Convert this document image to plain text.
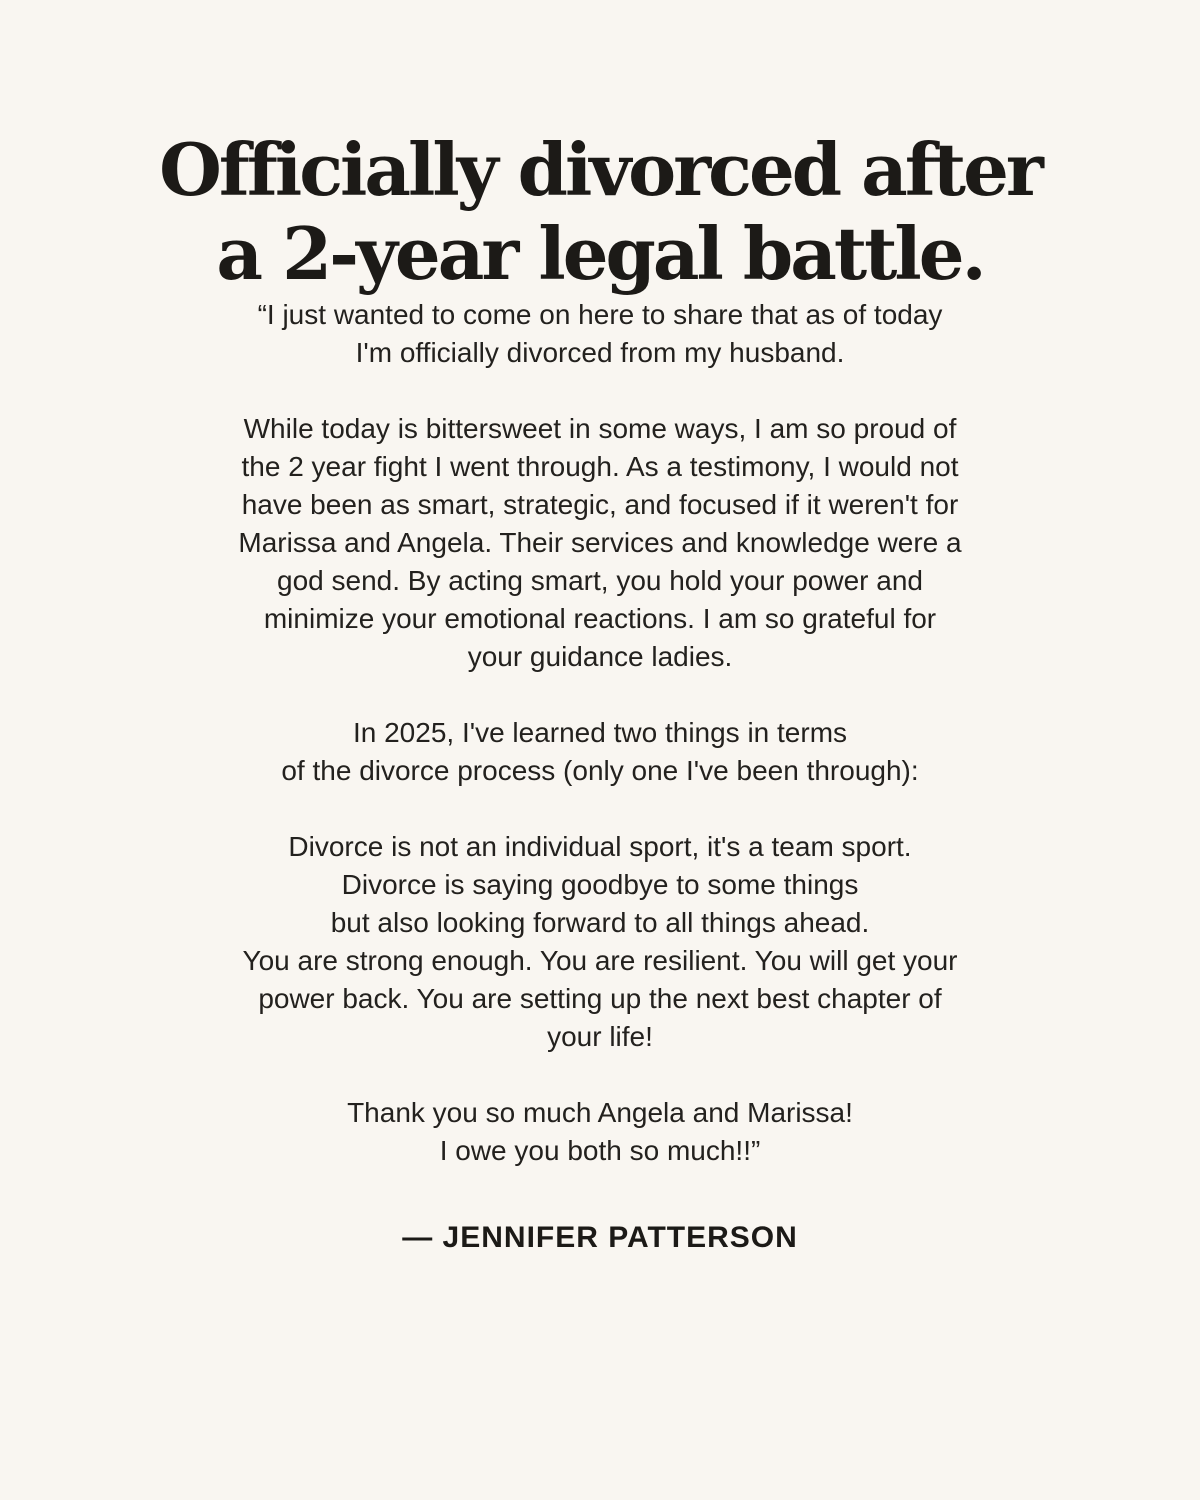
Officially divorced after
a 2-year legal battle.

“I just wanted to come on here to share that as of today
I'm officially divorced from my husband.

While today is bittersweet in some ways, I am so proud of
the 2 year fight I went through. As a testimony, I would not
have been as smart, strategic, and focused if it weren't for
Marissa and Angela. Their services and knowledge were a
god send. By acting smart, you hold your power and
minimize your emotional reactions. I am so grateful for
your guidance ladies.

In 2025, I've learned two things in terms
of the divorce process (only one I've been through):

Divorce is not an individual sport, it's a team sport.
Divorce is saying goodbye to some things
but also looking forward to all things ahead.
You are strong enough. You are resilient. You will get your
power back. You are setting up the next best chapter of
your life!

Thank you so much Angela and Marissa!
I owe you both so much!!”

— JENNIFER PATTERSON
